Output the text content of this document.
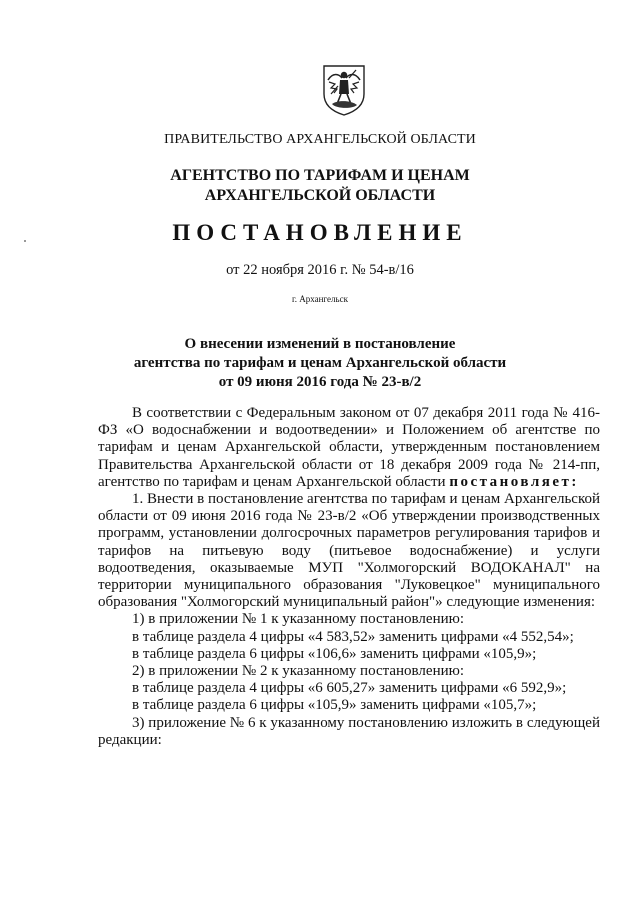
ПРАВИТЕЛЬСТВО АРХАНГЕЛЬСКОЙ ОБЛАСТИ
АГЕНТСТВО ПО ТАРИФАМ И ЦЕНАМ
АРХАНГЕЛЬСКОЙ ОБЛАСТИ
ПОСТАНОВЛЕНИЕ
от 22 ноября 2016 г. № 54-в/16
г. Архангельск
О внесении изменений в постановление
агентства по тарифам и ценам Архангельской области
от 09 июня 2016 года № 23-в/2

В соответствии с Федеральным законом от 07 декабря 2011 года № 416-ФЗ «О водоснабжении и водоотведении» и Положением об агентстве по тарифам и ценам Архангельской области, утвержденным постановлением Правительства Архангельской области от 18 декабря 2009 года № 214-пп, агентство по тарифам и ценам Архангельской области постановляет:

1. Внести в постановление агентства по тарифам и ценам Архангельской области от 09 июня 2016 года № 23-в/2 «Об утверждении производственных программ, установлении долгосрочных параметров регулирования тарифов и тарифов на питьевую воду (питьевое водоснабжение) и услуги водоотведения, оказываемые МУП "Холмогорский ВОДОКАНАЛ" на территории муниципального образования "Луковецкое" муниципального образования "Холмогорский муниципальный район"» следующие изменения:

1) в приложении № 1 к указанному постановлению:

в таблице раздела 4 цифры «4 583,52» заменить цифрами «4 552,54»;

в таблице раздела 6 цифры «106,6» заменить цифрами «105,9»;

2) в приложении № 2 к указанному постановлению:

в таблице раздела 4 цифры «6 605,27» заменить цифрами «6 592,9»;

в таблице раздела 6 цифры «105,9» заменить цифрами «105,7»;

3) приложение № 6 к указанному постановлению изложить в следующей редакции:
